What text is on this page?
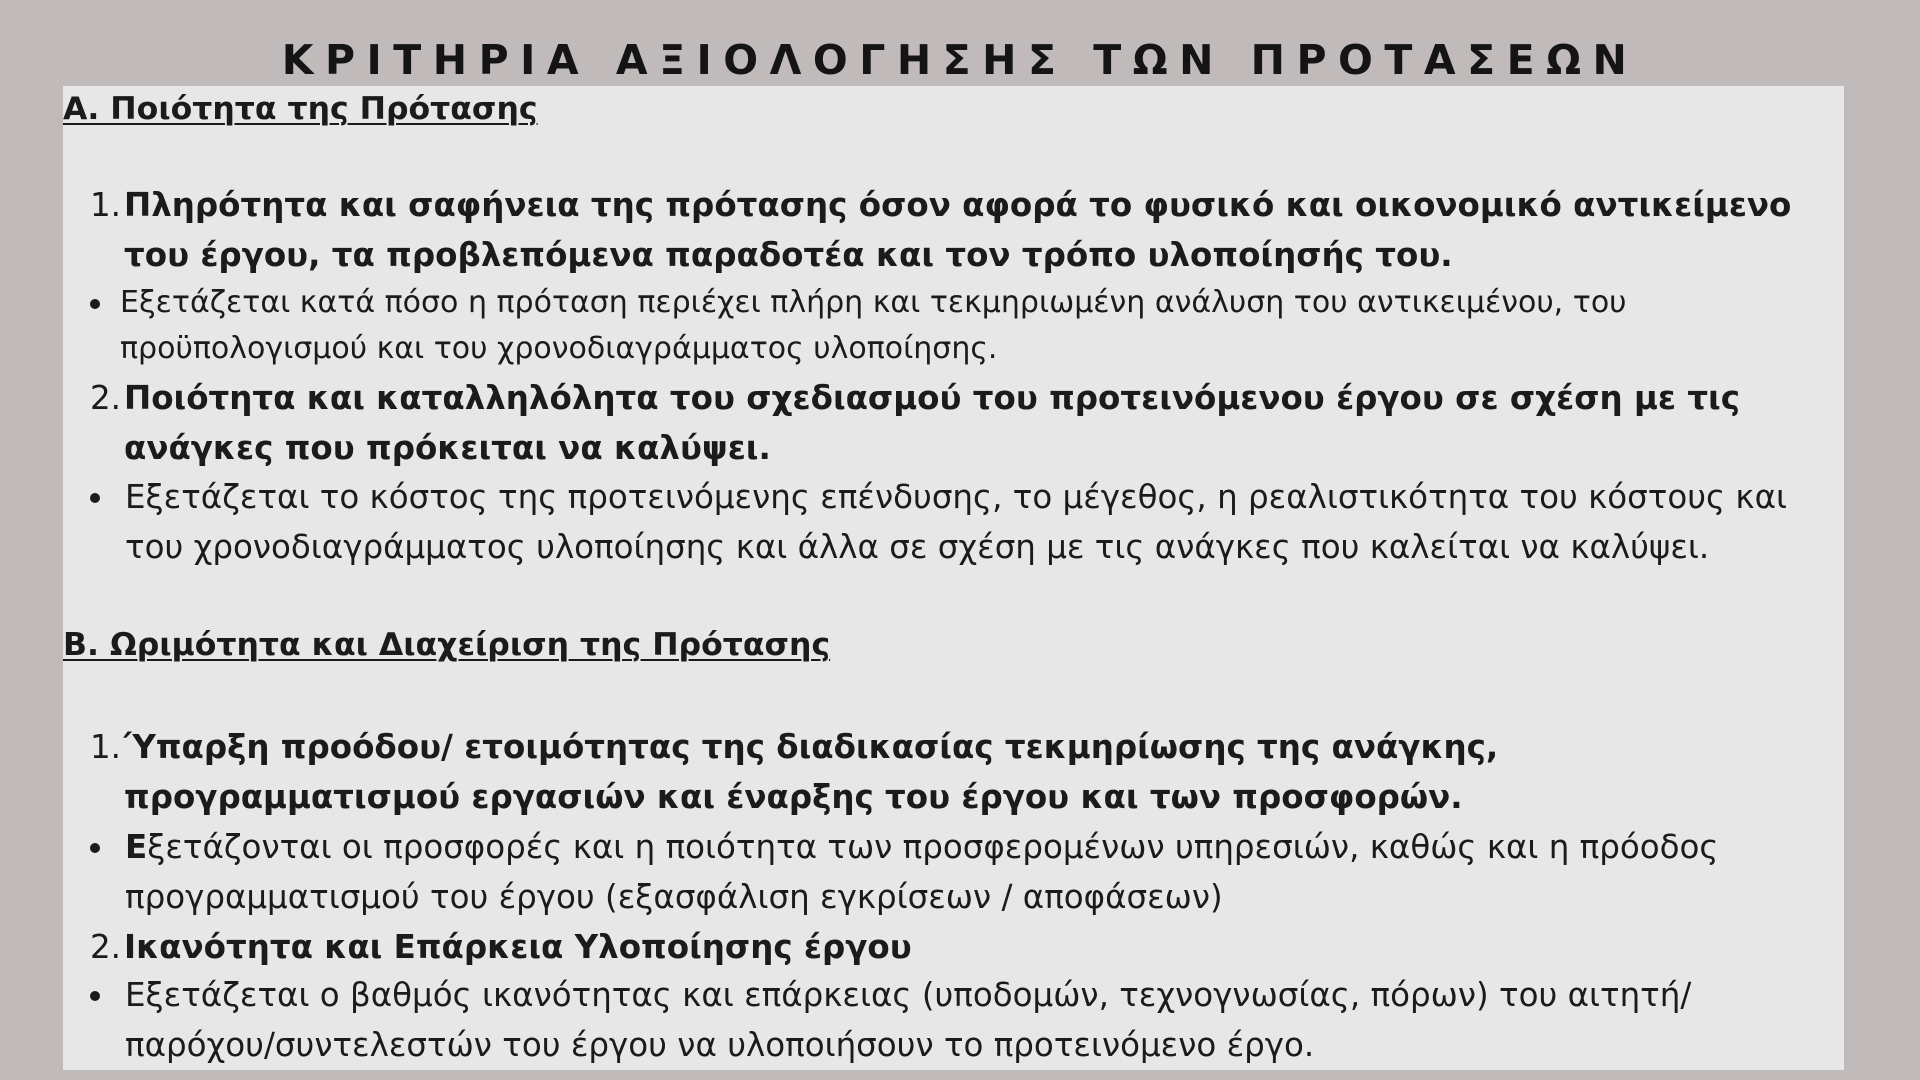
ΚΡΙΤΗΡΙΑ ΑΞΙΟΛΟΓΗΣΗΣ ΤΩΝ ΠΡΟΤΑΣΕΩΝ
Α. Ποιότητα της Πρότασης
1. Πληρότητα και σαφήνεια της πρότασης όσον αφορά το φυσικό και οικονομικό αντικείμενο του έργου, τα προβλεπόμενα παραδοτέα και τον τρόπο υλοποίησής του.
Εξετάζεται κατά πόσο η πρόταση περιέχει πλήρη και τεκμηριωμένη ανάλυση του αντικειμένου, του προϋπολογισμού και του χρονοδιαγράμματος υλοποίησης.
2. Ποιότητα και καταλληλόλητα του σχεδιασμού του προτεινόμενου έργου σε σχέση με τις ανάγκες που πρόκειται να καλύψει.
Εξετάζεται το κόστος της προτεινόμενης επένδυσης, το μέγεθος, η ρεαλιστικότητα του κόστους και του χρονοδιαγράμματος υλοποίησης και άλλα σε σχέση με τις ανάγκες που καλείται να καλύψει.
Β. Ωριμότητα και Διαχείριση της Πρότασης
1. Ύπαρξη προόδου/ ετοιμότητας της διαδικασίας τεκμηρίωσης της ανάγκης, προγραμματισμού εργασιών και έναρξης του έργου και των προσφορών.
Εξετάζονται οι προσφορές και η ποιότητα των προσφερομένων υπηρεσιών, καθώς και η πρόοδος προγραμματισμού του έργου (εξασφάλιση εγκρίσεων / αποφάσεων)
2. Ικανότητα και Επάρκεια Υλοποίησης έργου
Εξετάζεται ο βαθμός ικανότητας και επάρκειας (υποδομών, τεχνογνωσίας, πόρων) του αιτητή/ παρόχου/συντελεστών του έργου να υλοποιήσουν το προτεινόμενο έργο.
